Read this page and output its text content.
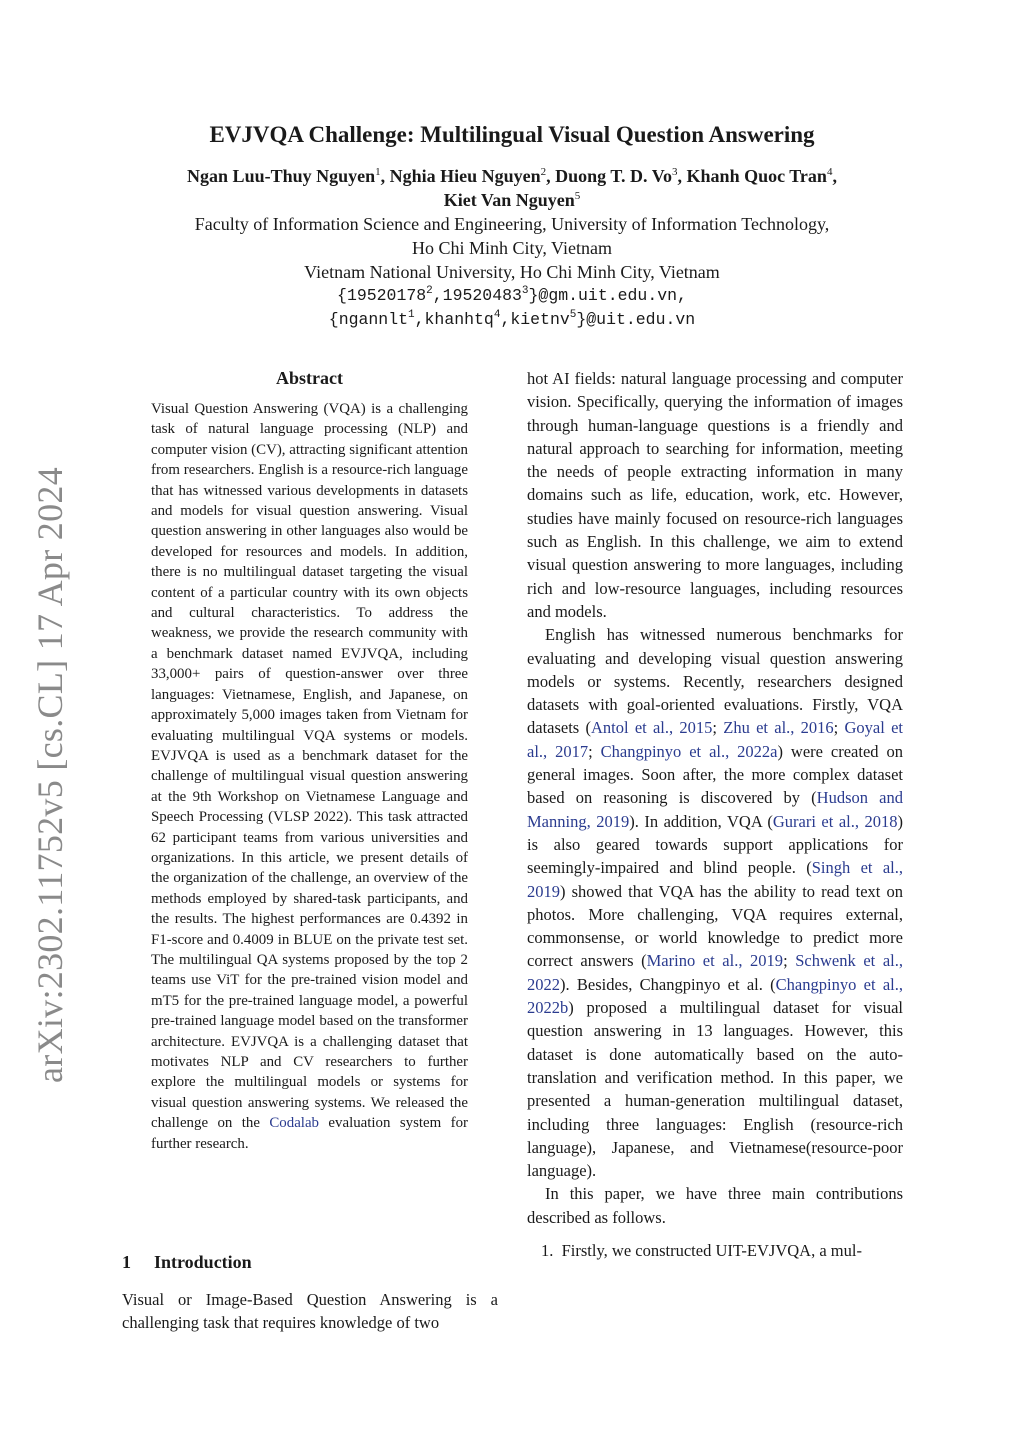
arXiv:2302.11752v5 [cs.CL] 17 Apr 2024
EVJVQA Challenge: Multilingual Visual Question Answering
Ngan Luu-Thuy Nguyen$^1$, Nghia Hieu Nguyen$^2$, Duong T. D. Vo$^3$, Khanh Quoc Tran$^4$,
Kiet Van Nguyen$^5$
Faculty of Information Science and Engineering, University of Information Technology,
Ho Chi Minh City, Vietnam
Vietnam National University, Ho Chi Minh City, Vietnam
{19520178$^2$,19520483$^3$}@gm.uit.edu.vn,
{ngannlt$^1$,khanhtq$^4$,kietnv$^5$}@uit.edu.vn
Abstract

Visual Question Answering (VQA) is a challenging task of natural language processing (NLP) and computer vision (CV), attracting significant attention from researchers. English is a resource-rich language that has witnessed various developments in datasets and models for visual question answering. Visual question answering in other languages also would be developed for resources and models. In addition, there is no multilingual dataset targeting the visual content of a particular country with its own objects and cultural characteristics. To address the weakness, we provide the research community with a benchmark dataset named EVJVQA, including 33,000+ pairs of question-answer over three languages: Vietnamese, English, and Japanese, on approximately 5,000 images taken from Vietnam for evaluating multilingual VQA systems or models. EVJVQA is used as a benchmark dataset for the challenge of multilingual visual question answering at the 9th Workshop on Vietnamese Language and Speech Processing (VLSP 2022). This task attracted 62 participant teams from various universities and organizations. In this article, we present details of the organization of the challenge, an overview of the methods employed by shared-task participants, and the results. The highest performances are 0.4392 in F1-score and 0.4009 in BLUE on the private test set. The multilingual QA systems proposed by the top 2 teams use ViT for the pre-trained vision model and mT5 for the pre-trained language model, a powerful pre-trained language model based on the transformer architecture. EVJVQA is a challenging dataset that motivates NLP and CV researchers to further explore the multilingual models or systems for visual question answering systems. We released the challenge on the Codalab evaluation system for further research.

1 Introduction

Visual or Image-Based Question Answering is a challenging task that requires knowledge of two

hot AI fields: natural language processing and computer vision. Specifically, querying the information of images through human-language questions is a friendly and natural approach to searching for information, meeting the needs of people extracting information in many domains such as life, education, work, etc. However, studies have mainly focused on resource-rich languages such as English. In this challenge, we aim to extend visual question answering to more languages, including rich and low-resource languages, including resources and models.

English has witnessed numerous benchmarks for evaluating and developing visual question answering models or systems. Recently, researchers designed datasets with goal-oriented evaluations. Firstly, VQA datasets (Antol et al., 2015; Zhu et al., 2016; Goyal et al., 2017; Changpinyo et al., 2022a) were created on general images. Soon after, the more complex dataset based on reasoning is discovered by (Hudson and Manning, 2019). In addition, VQA (Gurari et al., 2018) is also geared towards support applications for seemingly-impaired and blind people. (Singh et al., 2019) showed that VQA has the ability to read text on photos. More challenging, VQA requires external, commonsense, or world knowledge to predict more correct answers (Marino et al., 2019; Schwenk et al., 2022). Besides, Changpinyo et al. (Changpinyo et al., 2022b) proposed a multilingual dataset for visual question answering in 13 languages. However, this dataset is done automatically based on the auto-translation and verification method. In this paper, we presented a human-generation multilingual dataset, including three languages: English (resource-rich language), Japanese, and Vietnamese(resource-poor language).

In this paper, we have three main contributions described as follows.

1. Firstly, we constructed UIT-EVJVQA, a mul-
